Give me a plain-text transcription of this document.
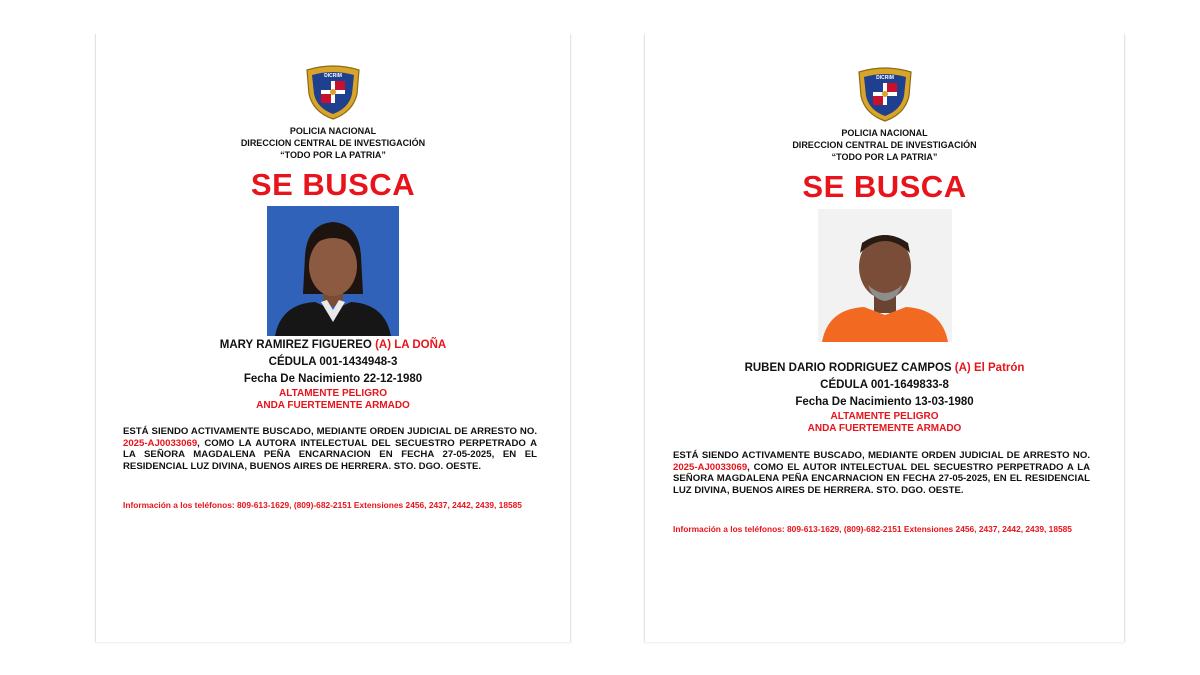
DICRIM
POLICIA NACIONAL
DIRECCION CENTRAL DE INVESTIGACIÓN
“TODO POR LA PATRIA”
SE BUSCA
MARY RAMIREZ FIGUEREO (A) LA DOÑA
CÉDULA 001-1434948-3
Fecha De Nacimiento 22-12-1980
ALTAMENTE PELIGRO
ANDA FUERTEMENTE ARMADO
ESTÁ SIENDO ACTIVAMENTE BUSCADO, MEDIANTE ORDEN JUDICIAL DE ARRESTO NO. 2025-AJ0033069, COMO LA AUTORA INTELECTUAL DEL SECUESTRO PERPETRADO A LA SEÑORA MAGDALENA PEÑA ENCARNACION EN FECHA 27-05-2025, EN EL RESIDENCIAL LUZ DIVINA, BUENOS AIRES DE HERRERA. STO. DGO. OESTE.
Información a los teléfonos: 809-613-1629, (809)-682-2151 Extensiones 2456, 2437, 2442, 2439, 18585
DICRIM
POLICIA NACIONAL
DIRECCION CENTRAL DE INVESTIGACIÓN
“TODO POR LA PATRIA”
SE BUSCA
RUBEN DARIO RODRIGUEZ CAMPOS (A) El Patrón
CÉDULA 001-1649833-8
Fecha De Nacimiento 13-03-1980
ALTAMENTE PELIGRO
ANDA FUERTEMENTE ARMADO
ESTÁ SIENDO ACTIVAMENTE BUSCADO, MEDIANTE ORDEN JUDICIAL DE ARRESTO NO. 2025-AJ0033069, COMO EL AUTOR INTELECTUAL DEL SECUESTRO PERPETRADO A LA SEÑORA MAGDALENA PEÑA ENCARNACION EN FECHA 27-05-2025, EN EL RESIDENCIAL LUZ DIVINA, BUENOS AIRES DE HERRERA. STO. DGO. OESTE.
Información a los teléfonos: 809-613-1629, (809)-682-2151 Extensiones 2456, 2437, 2442, 2439, 18585
